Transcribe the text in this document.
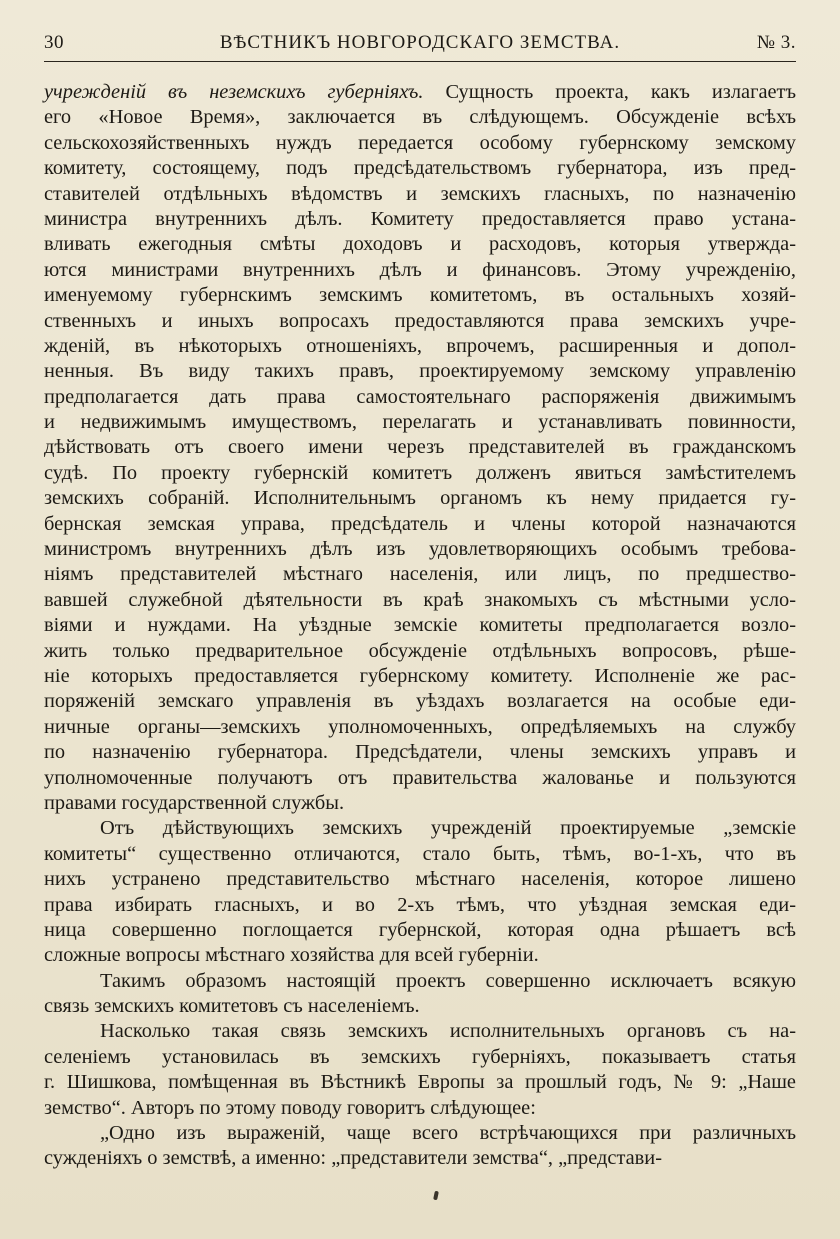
30	ВѢСТНИКЪ НОВГОРОДСКАГО ЗЕМСТВА.	№ 3.
учрежденій въ неземскихъ губерніяхъ. Сущность проекта, какъ излагаетъ
его «Новое Время», заключается въ слѣдующемъ. Обсужденіе всѣхъ
сельскохозяйственныхъ нуждъ передается особому губернскому земскому
комитету, состоящему, подъ предсѣдательствомъ губернатора, изъ пред-
ставителей отдѣльныхъ вѣдомствъ и земскихъ гласныхъ, по назначенію
министра внутреннихъ дѣлъ. Комитету предоставляется право устана-
вливать ежегодныя смѣты доходовъ и расходовъ, которыя утвержда-
ются министрами внутреннихъ дѣлъ и финансовъ. Этому учрежденію,
именуемому губернскимъ земскимъ комитетомъ, въ остальныхъ хозяй-
ственныхъ и иныхъ вопросахъ предоставляются права земскихъ учре-
жденій, въ нѣкоторыхъ отношеніяхъ, впрочемъ, расширенныя и допол-
ненныя. Въ виду такихъ правъ, проектируемому земскому управленію
предполагается дать права самостоятельнаго распоряженія движимымъ
и недвижимымъ имуществомъ, перелагать и устанавливать повинности,
дѣйствовать отъ своего имени черезъ представителей въ гражданскомъ
судѣ. По проекту губернскій комитетъ долженъ явиться замѣстителемъ
земскихъ собраній. Исполнительнымъ органомъ къ нему придается гу-
бернская земская управа, предсѣдатель и члены которой назначаются
министромъ внутреннихъ дѣлъ изъ удовлетворяющихъ особымъ требова-
ніямъ представителей мѣстнаго населенія, или лицъ, по предшество-
вавшей служебной дѣятельности въ краѣ знакомыхъ съ мѣстными усло-
віями и нуждами. На уѣздные земскіе комитеты предполагается возло-
жить только предварительное обсужденіе отдѣльныхъ вопросовъ, рѣше-
ніе которыхъ предоставляется губернскому комитету. Исполненіе же рас-
поряженій земскаго управленія въ уѣздахъ возлагается на особые еди-
ничные органы—земскихъ уполномоченныхъ, опредѣляемыхъ на службу
по назначенію губернатора. Предсѣдатели, члены земскихъ управъ и
уполномоченные получаютъ отъ правительства жалованье и пользуются
правами государственной службы.
Отъ дѣйствующихъ земскихъ учрежденій проектируемые „земскіе
комитеты“ существенно отличаются, стало быть, тѣмъ, во-1-хъ, что въ
нихъ устранено представительство мѣстнаго населенія, которое лишено
права избирать гласныхъ, и во 2-хъ тѣмъ, что уѣздная земская еди-
ница совершенно поглощается губернской, которая одна рѣшаетъ всѣ
сложные вопросы мѣстнаго хозяйства для всей губерніи.
Такимъ образомъ настоящій проектъ совершенно исключаетъ всякую
связь земскихъ комитетовъ съ населеніемъ.
Насколько такая связь земскихъ исполнительныхъ органовъ съ на-
селеніемъ установилась въ земскихъ губерніяхъ, показываетъ статья
г. Шишкова, помѣщенная въ Вѣстникѣ Европы за прошлый годъ, № 9: „Наше
земство“. Авторъ по этому поводу говоритъ слѣдующее:
„Одно изъ выраженій, чаще всего встрѣчающихся при различныхъ
сужденіяхъ о земствѣ, а именно: „представители земства“, „представи-
